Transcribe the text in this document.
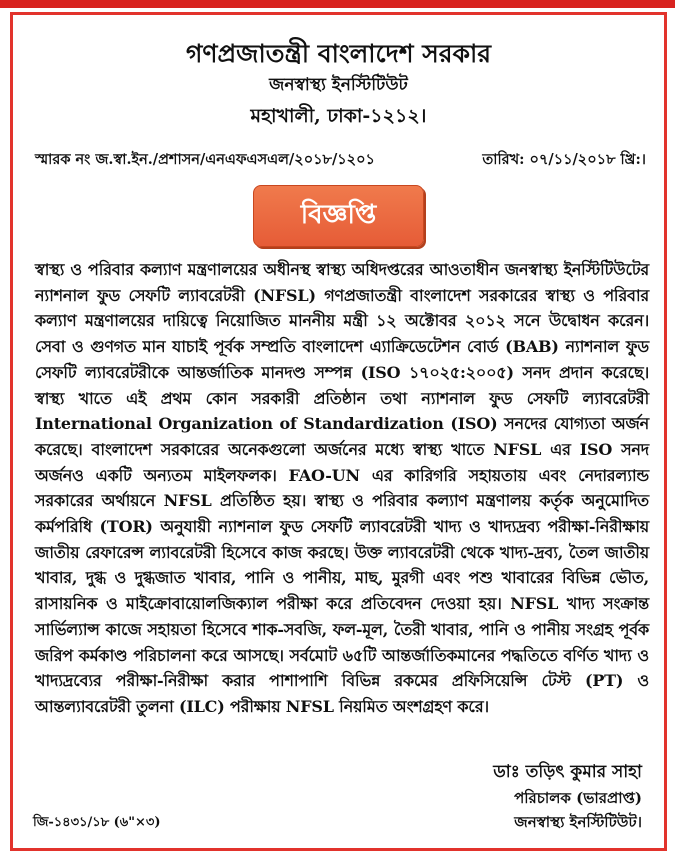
গণপ্রজাতন্ত্রী বাংলাদেশ সরকার
জনস্বাস্থ্য ইনস্টিটিউট
মহাখালী, ঢাকা-১২১২।
স্মারক নং জ.স্বা.ইন./প্রশাসন/এনএফএসএল/২০১৮/১২০১	তারিখ: ০৭/১১/২০১৮ খ্রি:।
বিজ্ঞপ্তি
স্বাস্থ্য ও পরিবার কল্যাণ মন্ত্রণালয়ের অধীনস্থ স্বাস্থ্য অধিদপ্তরের আওতাধীন জনস্বাস্থ্য ইনস্টিটিউটের ন্যাশনাল ফুড সেফটি ল্যাবরেটরী (NFSL) গণপ্রজাতন্ত্রী বাংলাদেশ সরকারের স্বাস্থ্য ও পরিবার কল্যাণ মন্ত্রণালয়ের দায়িত্বে নিয়োজিত মাননীয় মন্ত্রী ১২ অক্টোবর ২০১২ সনে উদ্বোধন করেন। সেবা ও গুণগত মান যাচাই পূর্বক সম্প্রতি বাংলাদেশ এ্যাক্রিডেটেশন বোর্ড (BAB) ন্যাশনাল ফুড সেফটি ল্যাবরেটরীকে আন্তর্জাতিক মানদণ্ড সম্পন্ন (ISO ১৭০২৫:২০০৫) সনদ প্রদান করেছে। স্বাস্থ্য খাতে এই প্রথম কোন সরকারী প্রতিষ্ঠান তথা ন্যাশনাল ফুড সেফটি ল্যাবরেটরী International Organization of Standardization (ISO) সনদের যোগ্যতা অর্জন করেছে। বাংলাদেশ সরকারের অনেকগুলো অর্জনের মধ্যে স্বাস্থ্য খাতে NFSL এর ISO সনদ অর্জনও একটি অন্যতম মাইলফলক। FAO-UN এর কারিগরি সহায়তায় এবং নেদারল্যান্ড সরকারের অর্থায়নে NFSL প্রতিষ্ঠিত হয়। স্বাস্থ্য ও পরিবার কল্যাণ মন্ত্রণালয় কর্তৃক অনুমোদিত কর্মপরিধি (TOR) অনুযায়ী ন্যাশনাল ফুড সেফটি ল্যাবরেটরী খাদ্য ও খাদ্যদ্রব্য পরীক্ষা-নিরীক্ষায় জাতীয় রেফারেন্স ল্যাবরেটরী হিসেবে কাজ করছে। উক্ত ল্যাবরেটরী থেকে খাদ্য-দ্রব্য, তৈল জাতীয় খাবার, দুগ্ধ ও দুগ্ধজাত খাবার, পানি ও পানীয়, মাছ, মুরগী এবং পশু খাবারের বিভিন্ন ভৌত, রাসায়নিক ও মাইক্রোবায়োলজিক্যাল পরীক্ষা করে প্রতিবেদন দেওয়া হয়। NFSL খাদ্য সংক্রান্ত সার্ভিল্যান্স কাজে সহায়তা হিসেবে শাক-সবজি, ফল-মূল, তৈরী খাবার, পানি ও পানীয় সংগ্রহ পূর্বক জরিপ কর্মকাণ্ড পরিচালনা করে আসছে। সর্বমোট ৬৫টি আন্তর্জাতিকমানের পদ্ধতিতে বর্ণিত খাদ্য ও খাদ্যদ্রব্যের পরীক্ষা-নিরীক্ষা করার পাশাপাশি বিভিন্ন রকমের প্রফিসিয়েন্সি টেস্ট (PT) ও আন্তল্যাবরেটরী তুলনা (ILC) পরীক্ষায় NFSL নিয়মিত অংশগ্রহণ করে।
ডাঃ তড়িৎ কুমার সাহা
পরিচালক (ভারপ্রাপ্ত)
জনস্বাস্থ্য ইনস্টিটিউট।
জি-১৪৩১/১৮ (৬"×৩)
